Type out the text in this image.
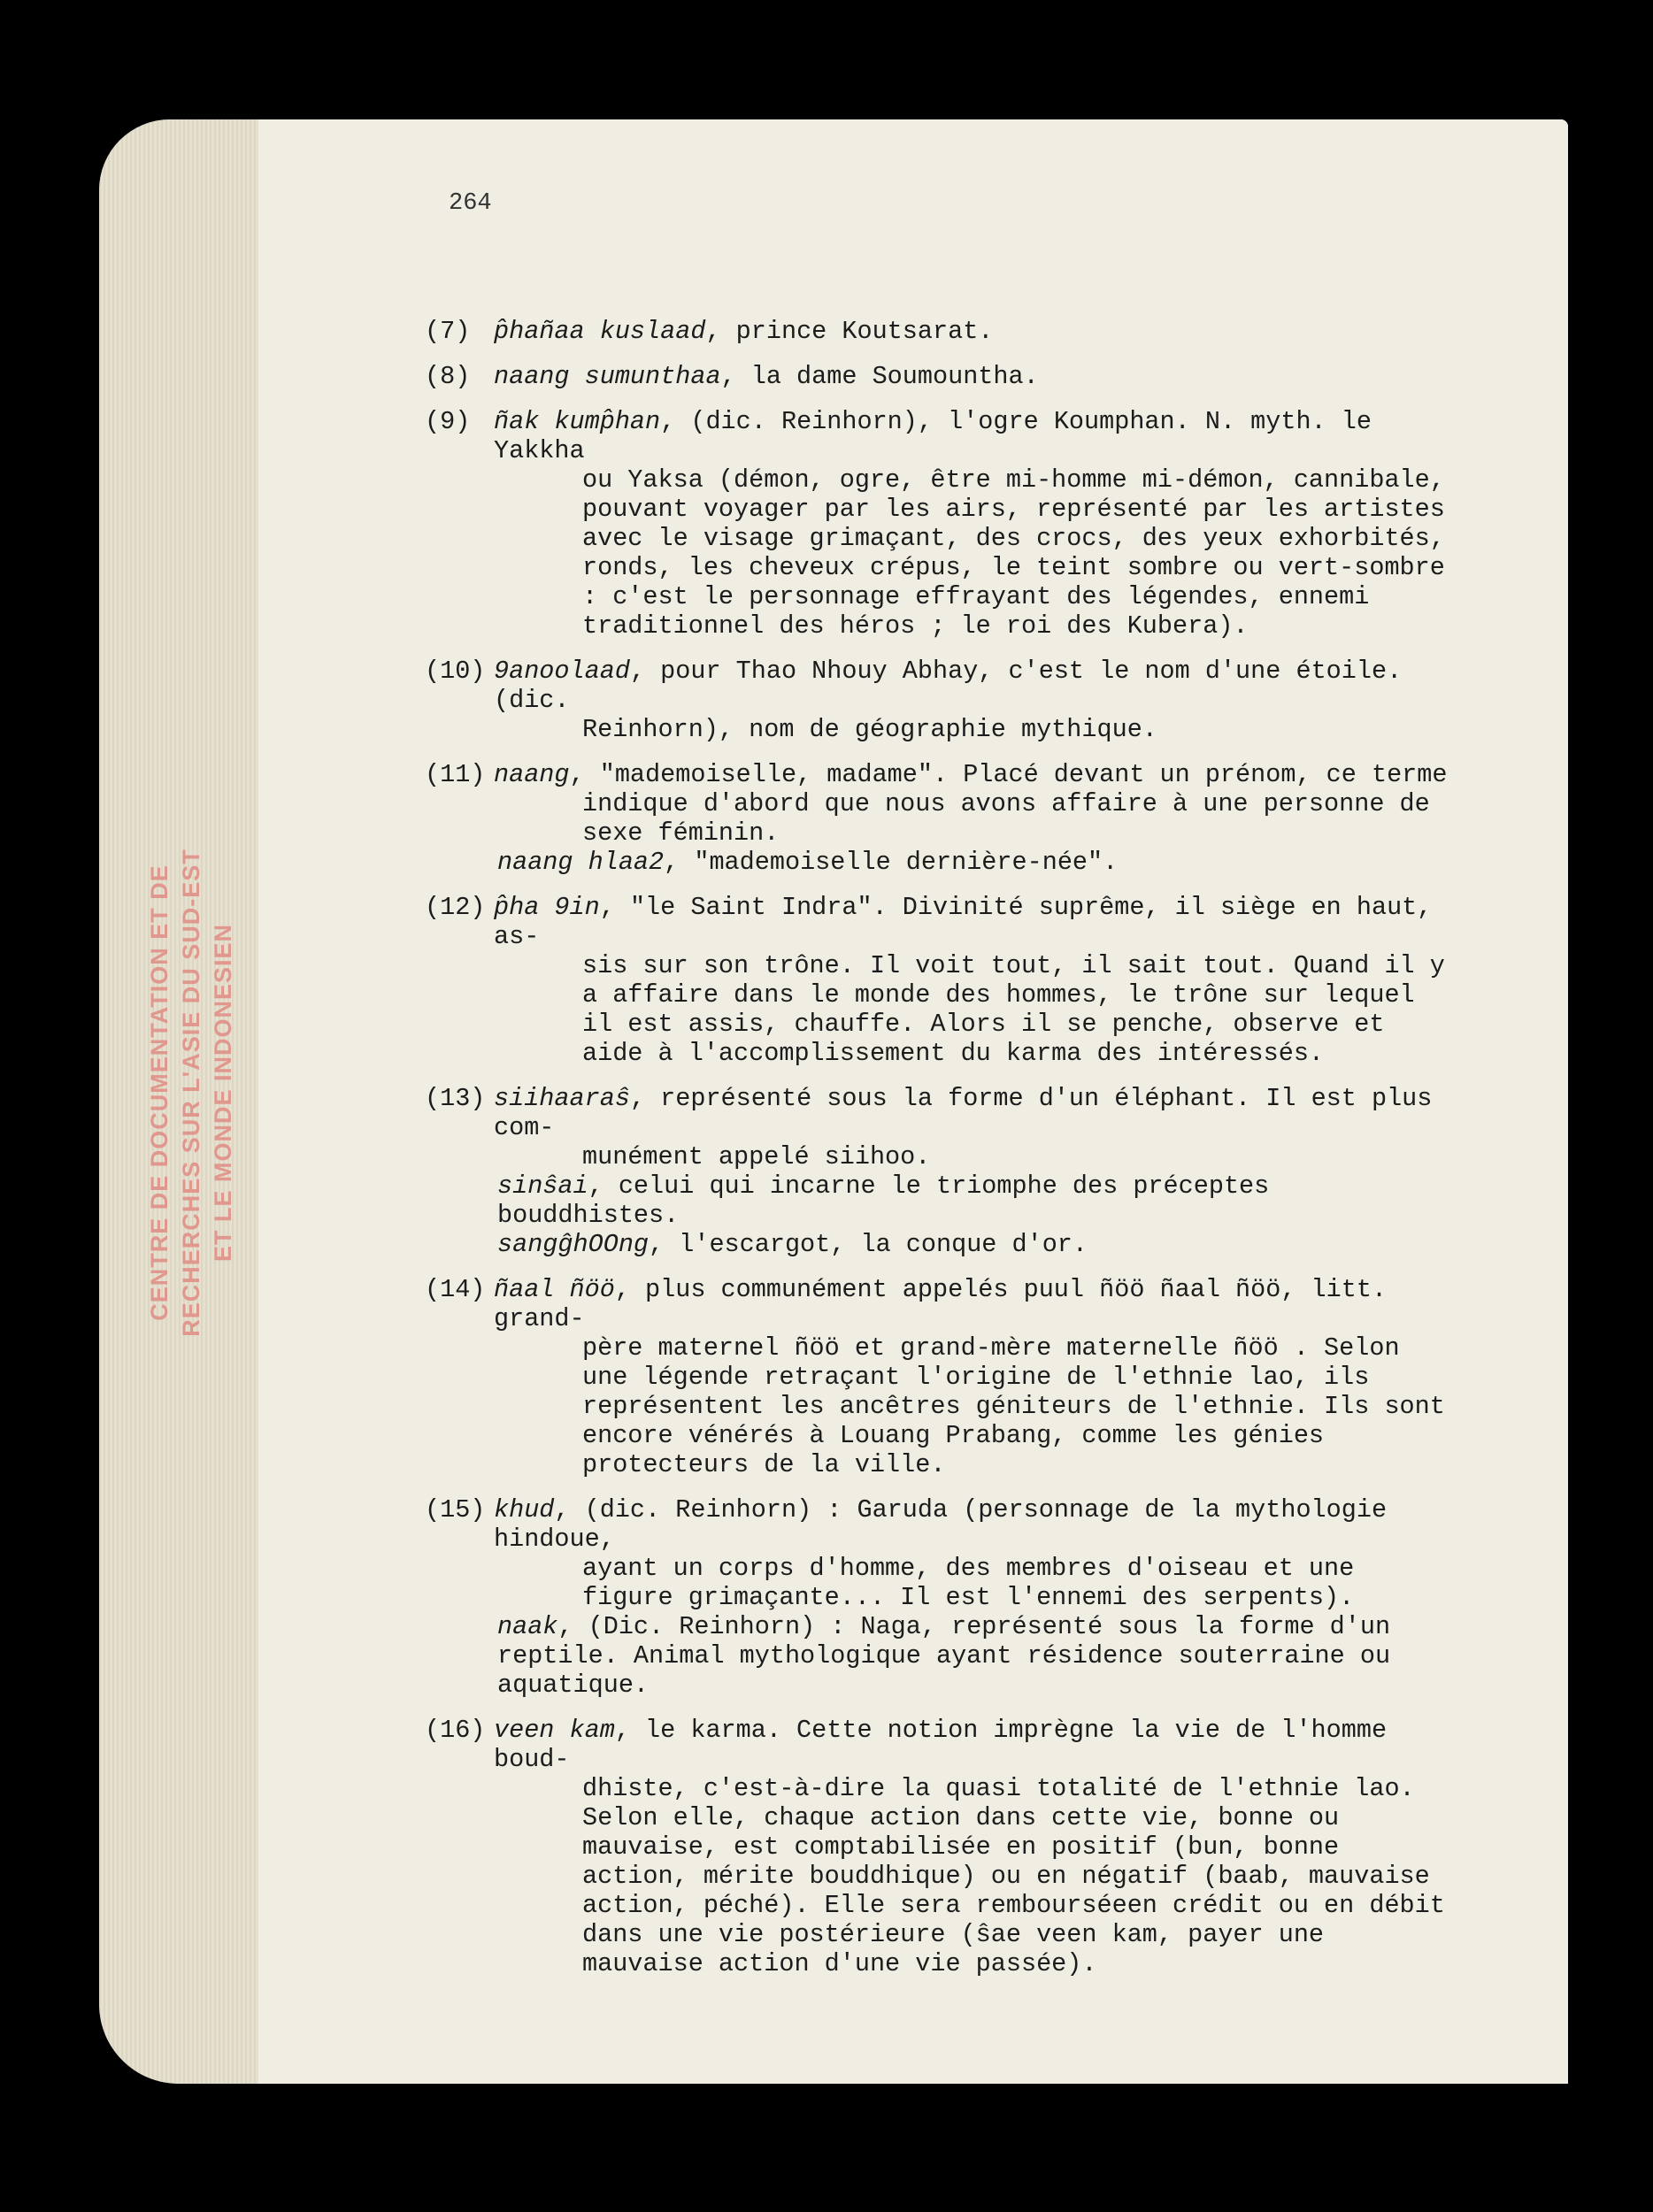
CENTRE DE DOCUMENTATION ET DE RECHERCHES SUR L'ASIE DU SUD-EST ET LE MONDE INDONESIEN
264
(7) p̂hañaa kuslaad, prince Koutsarat.
(8) naang sumunthaa, la dame Soumountha.
(9) ñak kump̂han, (dic. Reinhorn), l'ogre Koumphan. N. myth. le Yakkha
ou Yaksa (démon, ogre, être mi-homme mi-démon, cannibale, pouvant voyager par les airs, représenté par les artistes avec le visage grimaçant, des crocs, des yeux exhorbités, ronds, les cheveux crépus, le teint sombre ou vert-sombre : c'est le personnage effrayant des légendes, ennemi traditionnel des héros ; le roi des Kubera).
(10) 9anoolaad, pour Thao Nhouy Abhay, c'est le nom d'une étoile. (dic.
Reinhorn), nom de géographie mythique.
(11) naang, "mademoiselle, madame". Placé devant un prénom, ce terme
indique d'abord que nous avons affaire à une personne de sexe féminin.
naang hlaa2, "mademoiselle dernière-née".
(12) p̂ha 9in, "le Saint Indra". Divinité suprême, il siège en haut, as-
sis sur son trône. Il voit tout, il sait tout. Quand il y a affaire dans le monde des hommes, le trône sur lequel il est assis, chauffe. Alors il se penche, observe et aide à l'accomplissement du karma des intéressés.
(13) siihaaraŝ, représenté sous la forme d'un éléphant. Il est plus com-
munément appelé siihoo.
sinŝai, celui qui incarne le triomphe des préceptes bouddhistes.
sangĝhOOng, l'escargot, la conque d'or.
(14) ñaal ñöö, plus communément appelés puul ñöö ñaal ñöö, litt. grand-
père maternel ñöö et grand-mère maternelle ñöö . Selon une légende retraçant l'origine de l'ethnie lao, ils représentent les ancêtres géniteurs de l'ethnie. Ils sont encore vénérés à Louang Prabang, comme les génies protecteurs de la ville.
(15) khud, (dic. Reinhorn) : Garuda (personnage de la mythologie hindoue,
ayant un corps d'homme, des membres d'oiseau et une figure grimaçante... Il est l'ennemi des serpents).
naak, (Dic. Reinhorn) : Naga, représenté sous la forme d'un reptile. Animal mythologique ayant résidence souterraine ou aquatique.
(16) veen kam, le karma. Cette notion imprègne la vie de l'homme boud-
dhiste, c'est-à-dire la quasi totalité de l'ethnie lao. Selon elle, chaque action dans cette vie, bonne ou mauvaise, est comptabilisée en positif (bun, bonne action, mérite bouddhique) ou en négatif (baab, mauvaise action, péché). Elle sera rembourséeen crédit ou en débit dans une vie postérieure (ŝae veen kam, payer une mauvaise action d'une vie passée).
